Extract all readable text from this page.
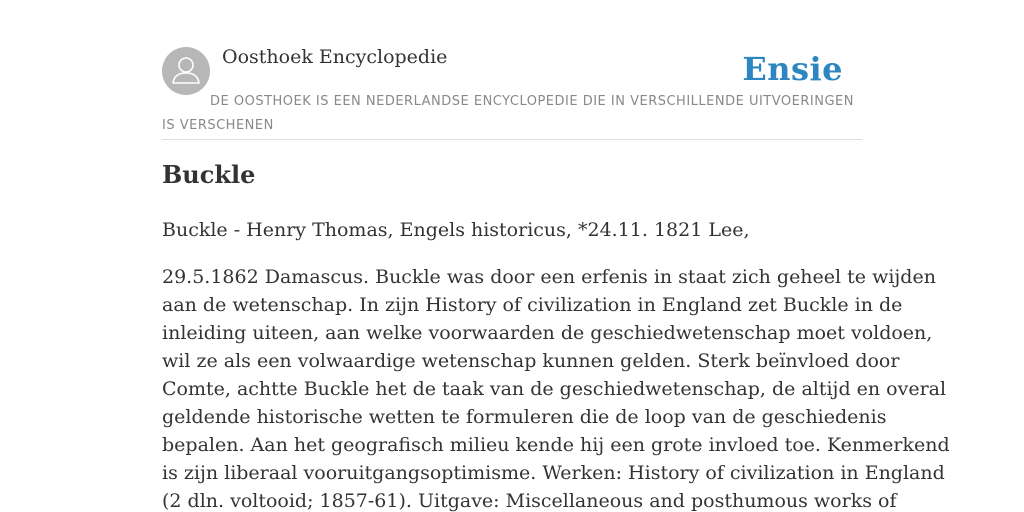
Oosthoek Encyclopedie	Ensie
DE OOSTHOEK IS EEN NEDERLANDSE ENCYCLOPEDIE DIE IN VERSCHILLENDE UITVOERINGEN IS VERSCHENEN
Buckle

Buckle - Henry Thomas, Engels historicus, *24.11. 1821 Lee,

29.5.1862 Damascus. Buckle was door een erfenis in staat zich geheel te wijden
aan de wetenschap. In zijn History of civilization in England zet Buckle in de
inleiding uiteen, aan welke voorwaarden de geschiedwetenschap moet voldoen,
wil ze als een volwaardige wetenschap kunnen gelden. Sterk beïnvloed door
Comte, achtte Buckle het de taak van de geschiedwetenschap, de altijd en overal
geldende historische wetten te formuleren die de loop van de geschiedenis
bepalen. Aan het geografisch milieu kende hij een grote invloed toe. Kenmerkend
is zijn liberaal vooruitgangsoptimisme. Werken: History of civilization in England
(2 dln. voltooid; 1857-61). Uitgave: Miscellaneous and posthumous works of
